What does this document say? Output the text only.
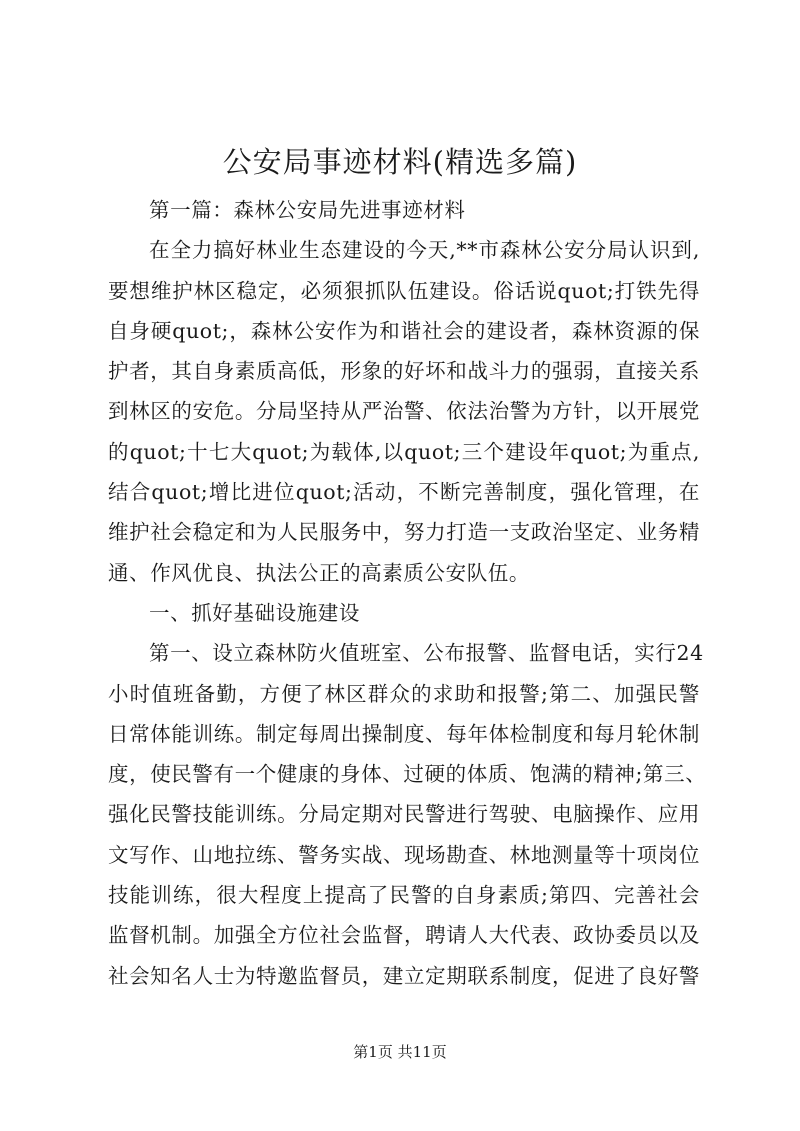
公安局事迹材料(精选多篇)
第一篇：森林公安局先进事迹材料
在全力搞好林业生态建设的今天,**市森林公安分局认识到,
要想维护林区稳定，必须狠抓队伍建设。俗话说quot;打铁先得
自身硬quot;，森林公安作为和谐社会的建设者，森林资源的保
护者，其自身素质高低，形象的好坏和战斗力的强弱，直接关系
到林区的安危。分局坚持从严治警、依法治警为方针，以开展党
的quot;十七大quot;为载体,以quot;三个建设年quot;为重点,
结合quot;增比进位quot;活动，不断完善制度，强化管理，在
维护社会稳定和为人民服务中，努力打造一支政治坚定、业务精
通、作风优良、执法公正的高素质公安队伍。
一、抓好基础设施建设
第一、设立森林防火值班室、公布报警、监督电话，实行24
小时值班备勤，方便了林区群众的求助和报警;第二、加强民警
日常体能训练。制定每周出操制度、每年体检制度和每月轮休制
度，使民警有一个健康的身体、过硬的体质、饱满的精神;第三、
强化民警技能训练。分局定期对民警进行驾驶、电脑操作、应用
文写作、山地拉练、警务实战、现场勘查、林地测量等十项岗位
技能训练，很大程度上提高了民警的自身素质;第四、完善社会
监督机制。加强全方位社会监督，聘请人大代表、政协委员以及
社会知名人士为特邀监督员，建立定期联系制度，促进了良好警
第1页 共11页
